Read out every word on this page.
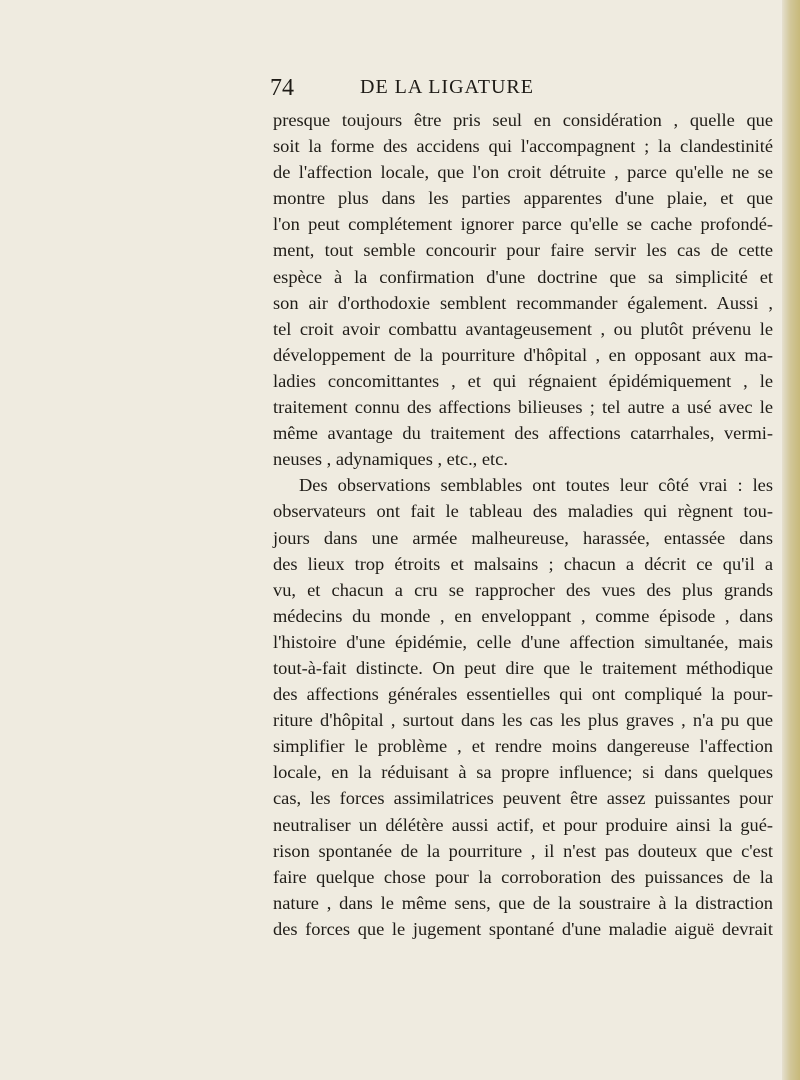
74	DE LA LIGATURE
presque toujours être pris seul en considération , quelle que
soit la forme des accidens qui l'accompagnent ; la clandestinité
de l'affection locale, que l'on croit détruite , parce qu'elle ne se
montre plus dans les parties apparentes d'une plaie, et que
l'on peut complétement ignorer parce qu'elle se cache profondé-
ment, tout semble concourir pour faire servir les cas de cette
espèce à la confirmation d'une doctrine que sa simplicité et
son air d'orthodoxie semblent recommander également. Aussi ,
tel croit avoir combattu avantageusement , ou plutôt prévenu le
développement de la pourriture d'hôpital , en opposant aux ma-
ladies concomittantes , et qui régnaient épidémiquement , le
traitement connu des affections bilieuses ; tel autre a usé avec le
même avantage du traitement des affections catarrhales, vermi-
neuses , adynamiques , etc., etc.
Des observations semblables ont toutes leur côté vrai : les
observateurs ont fait le tableau des maladies qui règnent tou-
jours dans une armée malheureuse, harassée, entassée dans
des lieux trop étroits et malsains ; chacun a décrit ce qu'il a
vu, et chacun a cru se rapprocher des vues des plus grands
médecins du monde , en enveloppant , comme épisode , dans
l'histoire d'une épidémie, celle d'une affection simultanée, mais
tout-à-fait distincte. On peut dire que le traitement méthodique
des affections générales essentielles qui ont compliqué la pour-
riture d'hôpital , surtout dans les cas les plus graves , n'a pu que
simplifier le problème , et rendre moins dangereuse l'affection
locale, en la réduisant à sa propre influence; si dans quelques
cas, les forces assimilatrices peuvent être assez puissantes pour
neutraliser un délétère aussi actif, et pour produire ainsi la gué-
rison spontanée de la pourriture , il n'est pas douteux que c'est
faire quelque chose pour la corroboration des puissances de la
nature , dans le même sens, que de la soustraire à la distraction
des forces que le jugement spontané d'une maladie aiguë devrait
